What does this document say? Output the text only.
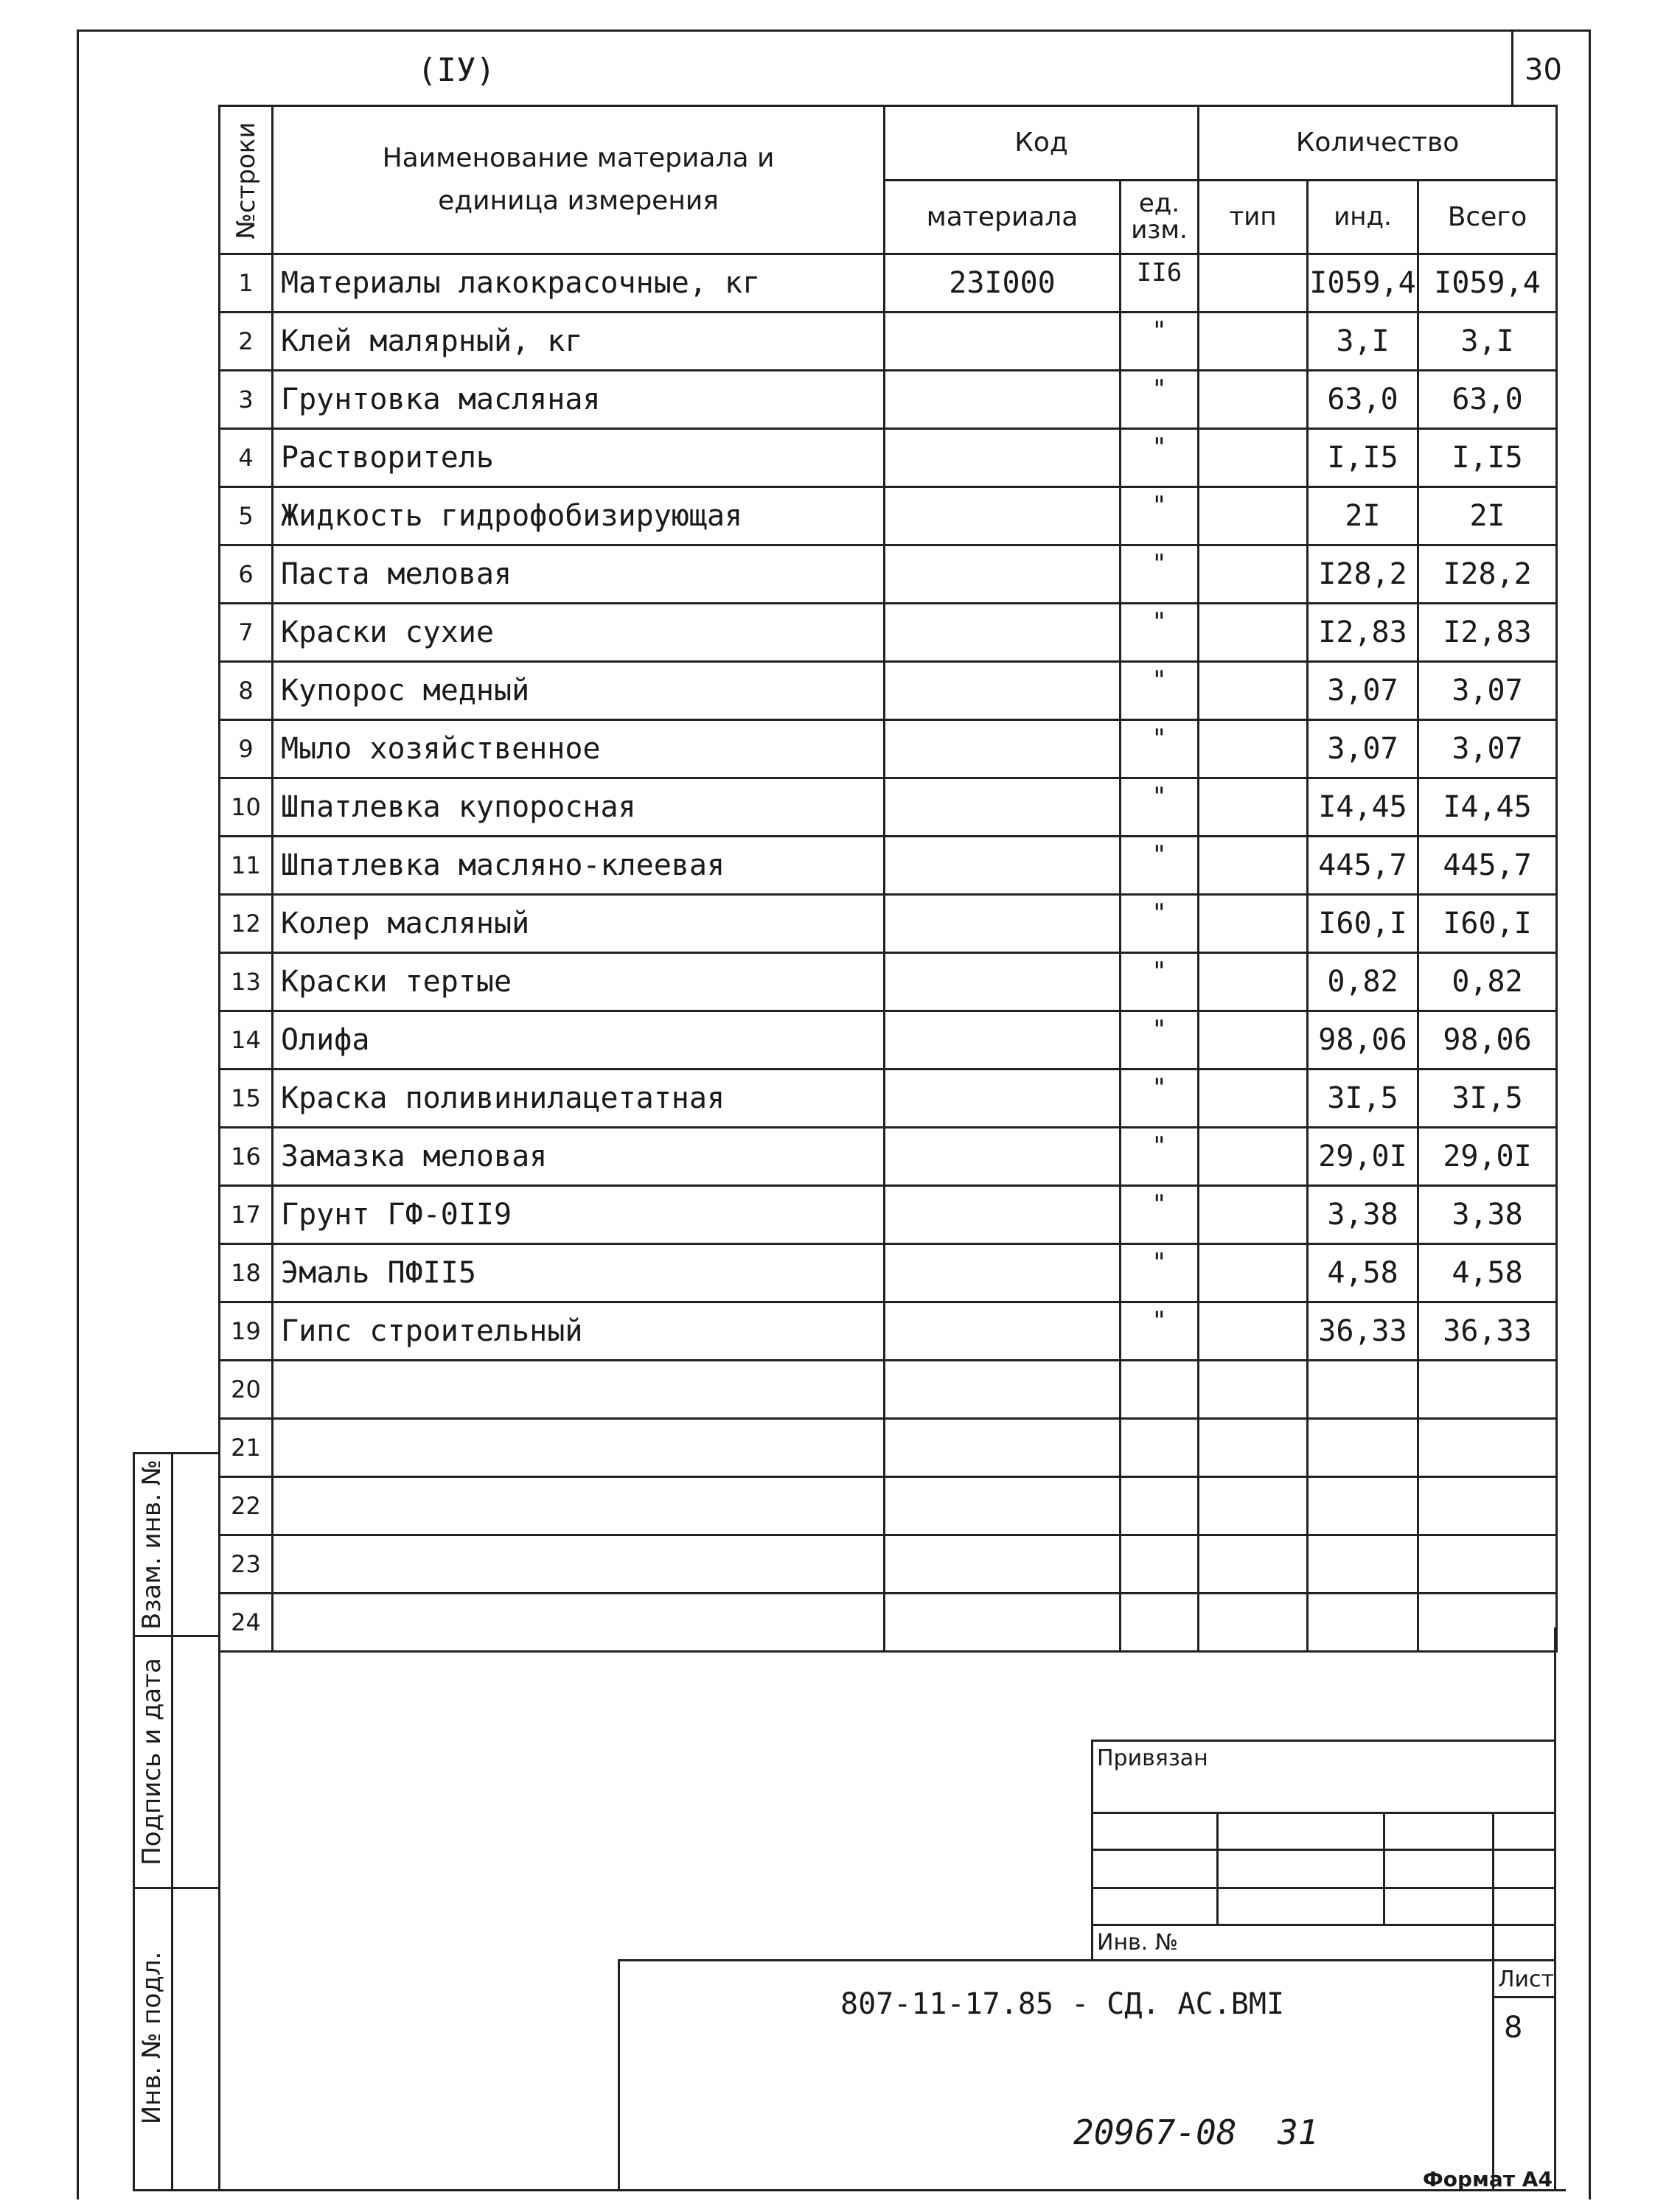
(IУ)	30
№строки	Наименование материала и единица измерения	Код		Количество		
		материала	ед. изм.	тип	инд.	Всего
1	Материалы лакокрасочные, кг	23I000	II6		I059,4	I059,4
2	Клей малярный, кг		"		3,I	3,I
3	Грунтовка масляная		"		63,0	63,0
4	Растворитель		"		I,I5	I,I5
5	Жидкость гидрофобизирующая		"		2I	2I
6	Паста меловая		"		I28,2	I28,2
7	Краски сухие		"		I2,83	I2,83
8	Купорос медный		"		3,07	3,07
9	Мыло хозяйственное		"		3,07	3,07
10	Шпатлевка купоросная		"		I4,45	I4,45
11	Шпатлевка масляно-клеевая		"		445,7	445,7
12	Колер масляный		"		I60,I	I60,I
13	Краски тертые		"		0,82	0,82
14	Олифа		"		98,06	98,06
15	Краска поливинилацетатная		"		3I,5	3I,5
16	Замазка меловая		"		29,0I	29,0I
17	Грунт ГФ-0II9		"		3,38	3,38
18	Эмаль ПФII5		"		4,58	4,58
19	Гипс строительный		"		36,33	36,33
20						
21						
22						
23						
24						
Взам. инв. №
Подпись и дата
Инв. № подл.
Привязан
Инв. №
807-11-17.85 - СД. АС.ВМI
Лист
8
20967-08  31
Формат А4
